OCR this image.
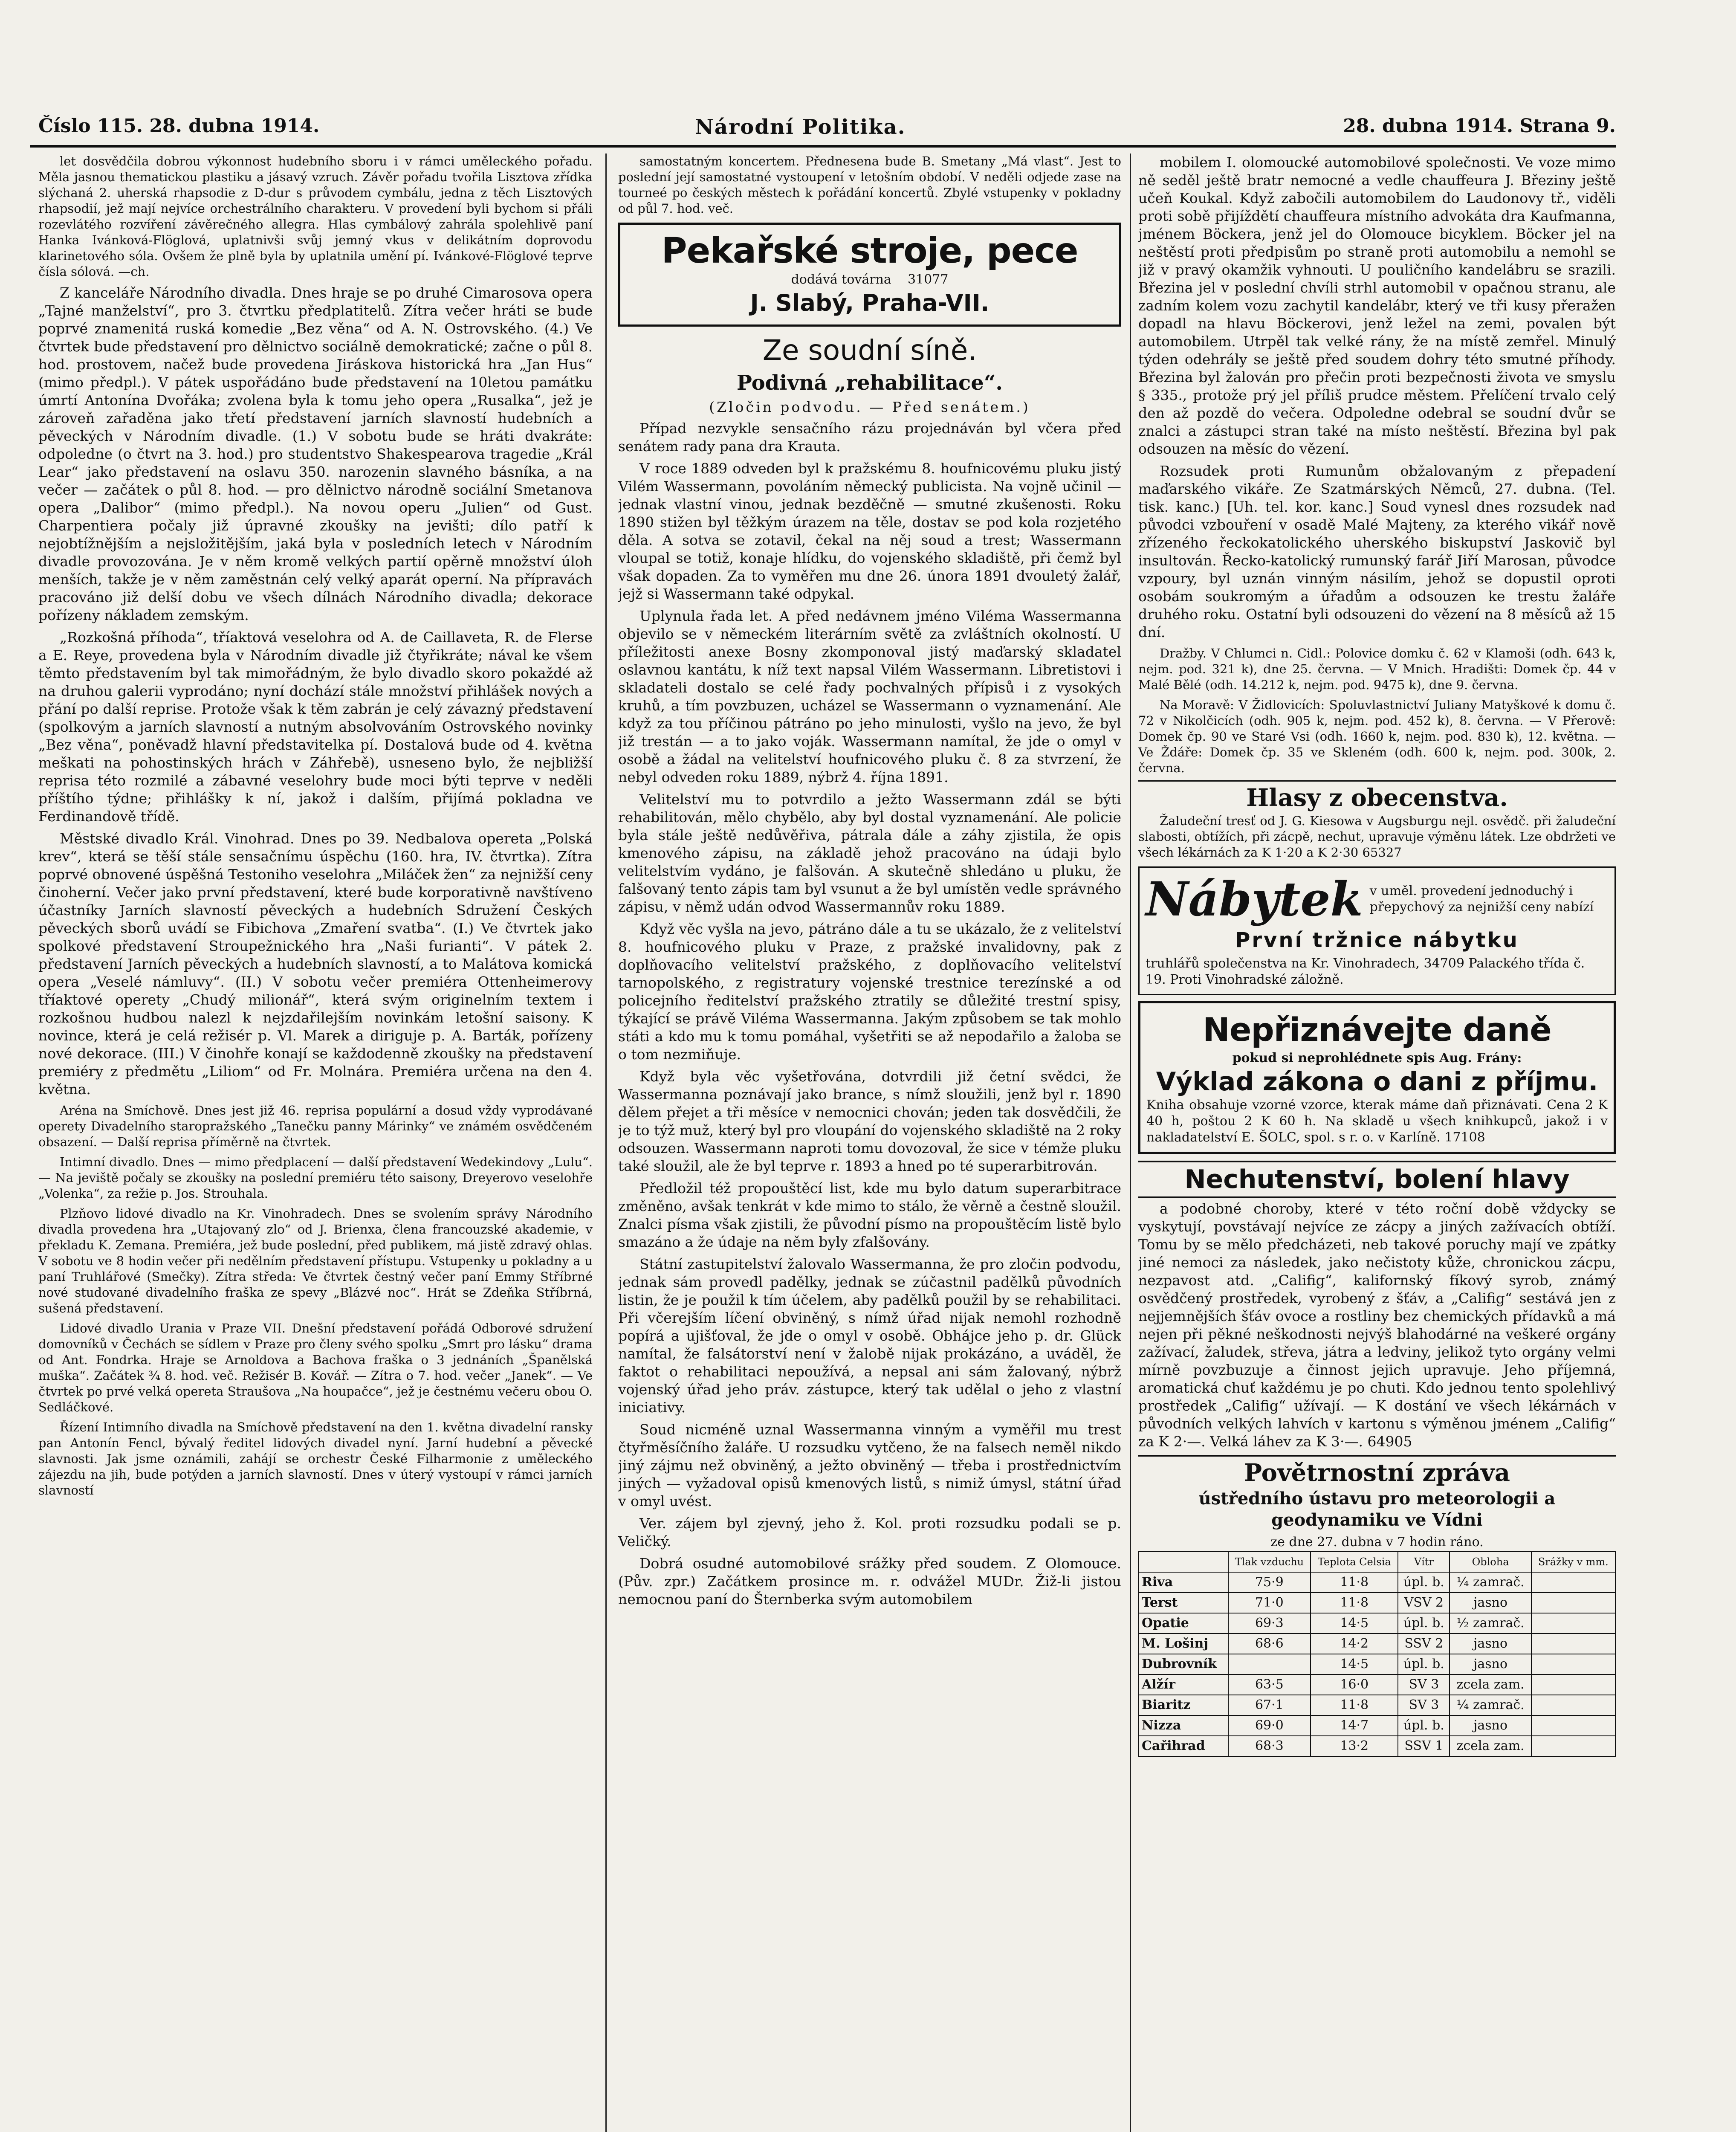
Číslo 115. 28. dubna 1914.	Národní Politika.	28. dubna 1914. Strana 9.

let dosvědčila dobrou výkonnost hudebního sboru i v rámci uměleckého pořadu. Měla jasnou thematickou plastiku a jásavý vzruch. Závěr pořadu tvořila Lisztova zřídka slýchaná 2. uherská rhapsodie z D-dur s průvodem cymbálu, jedna z těch Lisztových rhapsodií, jež mají nejvíce orchestrálního charakteru. V provedení byli bychom si přáli rozevlátého rozvíření závěrečného allegra. Hlas cymbálový zahrála spolehlivě paní Hanka Ivánková-Flöglová, uplatnivši svůj jemný vkus v delikátním doprovodu klarinetového sóla. Ovšem že plně byla by uplatnila umění pí. Ivánkové-Flöglové teprve čísla sólová. —ch.

Z kanceláře Národního divadla. Dnes hraje se po druhé Cimarosova opera „Tajné manželství“, pro 3. čtvrtku předplatitelů. Zítra večer hráti se bude poprvé znamenitá ruská komedie „Bez věna“ od A. N. Ostrovského. (4.) Ve čtvrtek bude představení pro dělnictvo sociálně demokratické; začne o půl 8. hod. prostovem, načež bude provedena Jiráskova historická hra „Jan Hus“ (mimo předpl.). V pátek uspořádáno bude představení na 10letou památku úmrtí Antonína Dvořáka; zvolena byla k tomu jeho opera „Rusalka“, jež je zároveň zařaděna jako třetí představení jarních slavností hudebních a pěveckých v Národním divadle. (1.) V sobotu bude se hráti dvakráte: odpoledne (o čtvrt na 3. hod.) pro studentstvo Shakespearova tragedie „Král Lear“ jako představení na oslavu 350. narozenin slavného básníka, a na večer — začátek o půl 8. hod. — pro dělnictvo národně sociální Smetanova opera „Dalibor“ (mimo předpl.). Na novou operu „Julien“ od Gust. Charpentiera počaly již úpravné zkoušky na jevišti; dílo patří k nejobtížnějším a nejsložitějším, jaká byla v posledních letech v Národním divadle provozována. Je v něm kromě velkých partií opěrně množství úloh menších, takže je v něm zaměstnán celý velký aparát operní. Na přípravách pracováno již delší dobu ve všech dílnách Národního divadla; dekorace pořízeny nákladem zemským.

„Rozkošná příhoda“, tříaktová veselohra od A. de Caillaveta, R. de Flerse a E. Reye, provedena byla v Národním divadle již čtyřikráte; nával ke všem těmto představením byl tak mimořádným, že bylo divadlo skoro pokaždé až na druhou galerii vyprodáno; nyní dochází stále množství přihlášek nových a přání po další reprise. Protože však k těm zabrán je celý závazný představení (spolkovým a jarních slavností a nutným absolvováním Ostrovského novinky „Bez věna“, poněvadž hlavní představitelka pí. Dostalová bude od 4. května meškati na pohostinských hrách v Záhřebě), usneseno bylo, že nejbližší reprisa této rozmilé a zábavné veselohry bude moci býti teprve v neděli příštího týdne; přihlášky k ní, jakož i dalším, přijímá pokladna ve Ferdinandově třídě.

Městské divadlo Král. Vinohrad. Dnes po 39. Nedbalova opereta „Polská krev“, která se těší stále sensačnímu úspěchu (160. hra, IV. čtvrtka). Zítra poprvé obnovené úspěšná Testoniho veselohra „Miláček žen“ za nejnižší ceny činoherní. Večer jako první představení, které bude korporativně navštíveno účastníky Jarních slavností pěveckých a hudebních Sdružení Českých pěveckých sborů uvádí se Fibichova „Zmaření svatba“. (I.) Ve čtvrtek jako spolkové představení Stroupežnického hra „Naši furianti“. V pátek 2. představení Jarních pěveckých a hudebních slavností, a to Malátova komická opera „Veselé námluvy“. (II.) V sobotu večer premiéra Ottenheimerovy tříaktové operety „Chudý milionář“, která svým originelním textem i rozkošnou hudbou nalezl k nejzdařilejším novinkám letošní saisony. K novince, která je celá režisér p. Vl. Marek a diriguje p. A. Barták, pořízeny nové dekorace. (III.) V činohře konají se každodenně zkoušky na představení premiéry z předmětu „Liliom“ od Fr. Molnára. Premiéra určena na den 4. května.

Aréna na Smíchově. Dnes jest již 46. reprisa populární a dosud vždy vyprodávané operety Divadelního staropražského „Tanečku panny Márinky“ ve známém osvědčeném obsazení. — Další reprisa příměrně na čtvrtek.

Intimní divadlo. Dnes — mimo předplacení — další představení Wedekindovy „Lulu“. — Na jeviště počaly se zkoušky na poslední premiéru této saisony, Dreyerovo veselohře „Volenka“, za režie p. Jos. Strouhala.

Plzňovo lidové divadlo na Kr. Vinohradech. Dnes se svolením správy Národního divadla provedena hra „Utajovaný zlo“ od J. Brienxa, člena francouzské akademie, v překladu K. Zemana. Premiéra, jež bude poslední, před publikem, má jistě zdravý ohlas. V sobotu ve 8 hodin večer při nedělním představení přístupu. Vstupenky u pokladny a u paní Truhlářové (Smečky). Zítra středa: Ve čtvrtek čestný večer paní Emmy Stříbrné nové studované divadelního fraška ze spevy „Blázvé noc“. Hrát se Zdeňka Stříbrná, sušená představení.

Lidové divadlo Urania v Praze VII. Dnešní představení pořádá Odborové sdružení domovníků v Čechách se sídlem v Praze pro členy svého spolku „Smrt pro lásku“ drama od Ant. Fondrka. Hraje se Arnoldova a Bachova fraška o 3 jednáních „Španělská muška“. Začátek ¾ 8. hod. več. Režisér B. Kovář. — Zítra o 7. hod. večer „Janek“. — Ve čtvrtek po prvé velká opereta Straušova „Na houpačce“, jež je čestnému večeru obou O. Sedláčkové.

Řízení Intimního divadla na Smíchově představení na den 1. května divadelní ransky pan Antonín Fencl, bývalý ředitel lidových divadel nyní. Jarní hudební a pěvecké slavnosti. Jak jsme oznámili, zahájí se orchestr České Filharmonie z uměleckého zájezdu na jih, bude potýden a jarních slavností. Dnes v úterý vystoupí v rámci jarních slavností

samostatným koncertem. Přednesena bude B. Smetany „Má vlast“. Jest to poslední její samostatné vystoupení v letošním období. V neděli odjede zase na tourneé po českých městech k pořádání koncertů. Zbylé vstupenky v pokladny od půl 7. hod. več.

Pekařské stroje, pece
dodává továrna 31077
J. Slabý, Praha-VII.
Ze soudní síně.
Podivná „rehabilitace“.
(Zločin podvodu. — Před senátem.)

Případ nezvykle sensačního rázu projednáván byl včera před senátem rady pana dra Krauta.

V roce 1889 odveden byl k pražskému 8. houfnicovému pluku jistý Vilém Wassermann, povoláním německý publicista. Na vojně učinil — jednak vlastní vinou, jednak bezděčně — smutné zkušenosti. Roku 1890 stižen byl těžkým úrazem na těle, dostav se pod kola rozjetého děla. A sotva se zotavil, čekal na něj soud a trest; Wassermann vloupal se totiž, konaje hlídku, do vojenského skladiště, při čemž byl však dopaden. Za to vyměřen mu dne 26. února 1891 dvouletý žalář, jejž si Wassermann také odpykal.

Uplynula řada let. A před nedávnem jméno Viléma Wassermanna objevilo se v německém literárním světě za zvláštních okolností. U příležitosti anexe Bosny zkomponoval jistý maďarský skladatel oslavnou kantátu, k níž text napsal Vilém Wassermann. Libretistovi i skladateli dostalo se celé řady pochvalných přípisů i z vysokých kruhů, a tím povzbuzen, ucházel se Wassermann o vyznamenání. Ale když za tou příčinou pátráno po jeho minulosti, vyšlo na jevo, že byl již trestán — a to jako voják. Wassermann namítal, že jde o omyl v osobě a žádal na velitelství houfnicového pluku č. 8 za stvrzení, že nebyl odveden roku 1889, nýbrž 4. října 1891.

Velitelství mu to potvrdilo a ježto Wassermann zdál se býti rehabilitován, mělo chybělo, aby byl dostal vyznamenání. Ale policie byla stále ještě nedůvěřiva, pátrala dále a záhy zjistila, že opis kmenového zápisu, na základě jehož pracováno na údaji bylo velitelstvím vydáno, je falšován. A skutečně shledáno u pluku, že falšovaný tento zápis tam byl vsunut a že byl umístěn vedle správného zápisu, v němž udán odvod Wassermannův roku 1889.

Když věc vyšla na jevo, pátráno dále a tu se ukázalo, že z velitelství 8. houfnicového pluku v Praze, z pražské invalidovny, pak z doplňovacího velitelství pražského, z doplňovacího velitelství tarnopolského, z registratury vojenské trestnice terezínské a od policejního ředitelství pražského ztratily se důležité trestní spisy, týkající se právě Viléma Wassermanna. Jakým způsobem se tak mohlo státi a kdo mu k tomu pomáhal, vyšetřiti se až nepodařilo a žaloba se o tom nezmiňuje.

Když byla věc vyšetřována, dotvrdili již četní svědci, že Wassermanna poznávají jako brance, s nímž sloužili, jenž byl r. 1890 dělem přejet a tři měsíce v nemocnici chován; jeden tak dosvědčili, že je to týž muž, který byl pro vloupání do vojenského skladiště na 2 roky odsouzen. Wassermann naproti tomu dovozoval, že sice v témže pluku také sloužil, ale že byl teprve r. 1893 a hned po té superarbitrován.

Předložil též propouštěcí list, kde mu bylo datum superarbitrace změněno, avšak tenkrát v kde mimo to stálo, že věrně a čestně sloužil. Znalci písma však zjistili, že původní písmo na propouštěcím listě bylo smazáno a že údaje na něm byly zfalšovány.

Státní zastupitelství žalovalo Wassermanna, že pro zločin podvodu, jednak sám provedl padělky, jednak se zúčastnil padělků původních listin, že je použil k tím účelem, aby padělků použil by se rehabilitaci. Při včerejším líčení obviněný, s nímž úřad nijak nemohl rozhodně popírá a ujišťoval, že jde o omyl v osobě. Obhájce jeho p. dr. Glück namítal, že falsátorství není v žalobě nijak prokázáno, a uváděl, že faktot o rehabilitaci nepoužívá, a nepsal ani sám žalovaný, nýbrž vojenský úřad jeho práv. zástupce, který tak udělal o jeho z vlastní iniciativy.

Soud nicméně uznal Wassermanna vinným a vyměřil mu trest čtyřměsíčního žaláře. U rozsudku vytčeno, že na falsech neměl nikdo jiný zájmu než obviněný, a ježto obviněný — třeba i prostřednictvím jiných — vyžadoval opisů kmenových listů, s nimiž úmysl, státní úřad v omyl uvést.

Ver. zájem byl zjevný, jeho ž. Kol. proti rozsudku podali se p. Veličký.

Dobrá osudné automobilové srážky před soudem. Z Olomouce. (Pův. zpr.) Začátkem prosince m. r. odvážel MUDr. Žiž-li jistou nemocnou paní do Šternberka svým automobilem

mobilem I. olomoucké automobilové společnosti. Ve voze mimo ně seděl ještě bratr nemocné a vedle chauffeura J. Březiny ještě učeň Koukal. Když zabočili automobilem do Laudonovy tř., viděli proti sobě přijíždětí chauffeura místního advokáta dra Kaufmanna, jménem Böckera, jenž jel do Olomouce bicyklem. Böcker jel na neštěstí proti předpisům po straně proti automobilu a nemohl se již v pravý okamžik vyhnouti. U pouličního kandelábru se srazili. Březina jel v poslední chvíli strhl automobil v opačnou stranu, ale zadním kolem vozu zachytil kandelábr, který ve tři kusy přeražen dopadl na hlavu Böckerovi, jenž ležel na zemi, povalen být automobilem. Utrpěl tak velké rány, že na místě zemřel. Minulý týden odehrály se ještě před soudem dohry této smutné příhody. Březina byl žalován pro přečin proti bezpečnosti života ve smyslu § 335., protože prý jel příliš prudce městem. Přelíčení trvalo celý den až pozdě do večera. Odpoledne odebral se soudní dvůr se znalci a zástupci stran také na místo neštěstí. Březina byl pak odsouzen na měsíc do vězení.

Rozsudek proti Rumunům obžalovaným z přepadení maďarského vikáře. Ze Szatmárských Němců, 27. dubna. (Tel. tisk. kanc.) [Uh. tel. kor. kanc.] Soud vynesl dnes rozsudek nad původci vzbouření v osadě Malé Majteny, za kterého vikář nově zřízeného řeckokatolického uherského biskupství Jaskovič byl insultován. Řecko-katolický rumunský farář Jiří Marosan, původce vzpoury, byl uznán vinným násilím, jehož se dopustil oproti osobám soukromým a úřadům a odsouzen ke trestu žaláře druhého roku. Ostatní byli odsouzeni do vězení na 8 měsíců až 15 dní.

Dražby. V Chlumci n. Cidl.: Polovice domku č. 62 v Klamoši (odh. 643 k, nejm. pod. 321 k), dne 25. června. — V Mnich. Hradišti: Domek čp. 44 v Malé Bělé (odh. 14.212 k, nejm. pod. 9475 k), dne 9. června.

Na Moravě: V Židlovicích: Spoluvlastnictví Juliany Matyškové k domu č. 72 v Nikolčicích (odh. 905 k, nejm. pod. 452 k), 8. června. — V Přerově: Domek čp. 90 ve Staré Vsi (odh. 1660 k, nejm. pod. 830 k), 12. května. — Ve Ždáře: Domek čp. 35 ve Skleném (odh. 600 k, nejm. pod. 300k, 2. června.

Hlasy z obecenstva.

Žaludeční tresť od J. G. Kiesowa v Augsburgu nejl. osvědč. při žaludeční slabosti, obtížích, při zácpě, nechut, upravuje výměnu látek. Lze obdržeti ve všech lékárnách za K 1·20 a K 2·30 65327

Nábytek v uměl. provedení jednoduchý i přepychový za nejnižší ceny nabízí
První tržnice nábytku
truhlářů společenstva na Kr. Vinohradech, 34709 Palackého třída č. 19. Proti Vinohradské záložně.
Nepřiznávejte daně
pokud si neprohlédnete spis Aug. Frány:
Výklad zákona o dani z příjmu.
Kniha obsahuje vzorné vzorce, kterak máme daň přiznávati. Cena 2 K 40 h, poštou 2 K 60 h. Na skladě u všech knihkupců, jakož i v nakladatelství E. ŠOLC, spol. s r. o. v Karlíně. 17108
Nechutenství, bolení hlavy

a podobné choroby, které v této roční době vždycky se vyskytují, povstávají nejvíce ze zácpy a jiných zažívacích obtíží. Tomu by se mělo předcházeti, neb takové poruchy mají ve zpátky jiné nemoci za následek, jako nečistoty kůže, chronickou zácpu, nezpavost atd. „Califig“, kalifornský fíkový syrob, známý osvědčený prostředek, vyrobený z šťáv, a „Califig“ sestává jen z nejjemnějších šťáv ovoce a rostliny bez chemických přídavků a má nejen při pěkné neškodnosti nejvýš blahodárné na veškeré orgány zažívací, žaludek, střeva, játra a ledviny, jelikož tyto orgány velmi mírně povzbuzuje a činnost jejich upravuje. Jeho příjemná, aromatická chuť každému je po chuti. Kdo jednou tento spolehlivý prostředek „Califig“ užívají. — K dostání ve všech lékárnách v původních velkých lahvích v kartonu s výměnou jménem „Califig“ za K 2·—. Velká láhev za K 3·—. 64905

Povětrnostní zpráva
ústředního ústavu pro meteorologii a geodynamiku ve Vídni
ze dne 27. dubna v 7 hodin ráno.
	Tlak vzduchu	Teplota Celsia	Vítr	Obloha	Srážky v mm.
Riva	75·9	11·8	úpl. b.	¼ zamrač.	
Terst	71·0	11·8	VSV 2	jasno	
Opatie	69·3	14·5	úpl. b.	½ zamrač.	
M. Lošinj	68·6	14·2	SSV 2	jasno	
Dubrovník		14·5	úpl. b.	jasno	
Alžír	63·5	16·0	SV 3	zcela zam.	
Biaritz	67·1	11·8	SV 3	¼ zamrač.	
Nizza	69·0	14·7	úpl. b.	jasno	
Cařihrad	68·3	13·2	SSV 1	zcela zam.	
